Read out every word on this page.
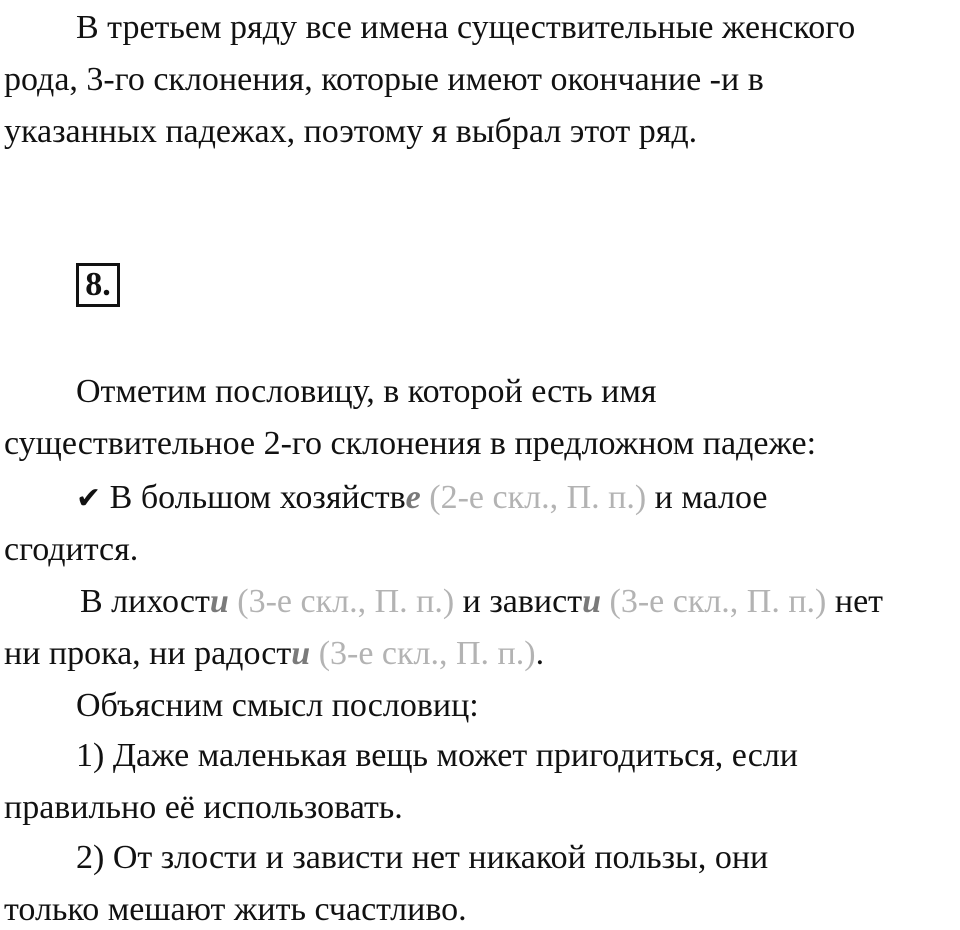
В третьем ряду все имена существительные женского
рода, 3-го склонения, которые имеют окончание -и в
указанных падежах, поэтому я выбрал этот ряд.
8.
Отметим пословицу, в которой есть имя
существительное 2-го склонения в предложном падеже:
✔ В большом хозяйстве (2-е скл., П. п.) и малое
сгодится.
В лихости (3-е скл., П. п.) и зависти (3-е скл., П. п.) нет
ни прока, ни радости (3-е скл., П. п.).
Объясним смысл пословиц:
1) Даже маленькая вещь может пригодиться, если
правильно её использовать.
2) От злости и зависти нет никакой пользы, они
только мешают жить счастливо.
